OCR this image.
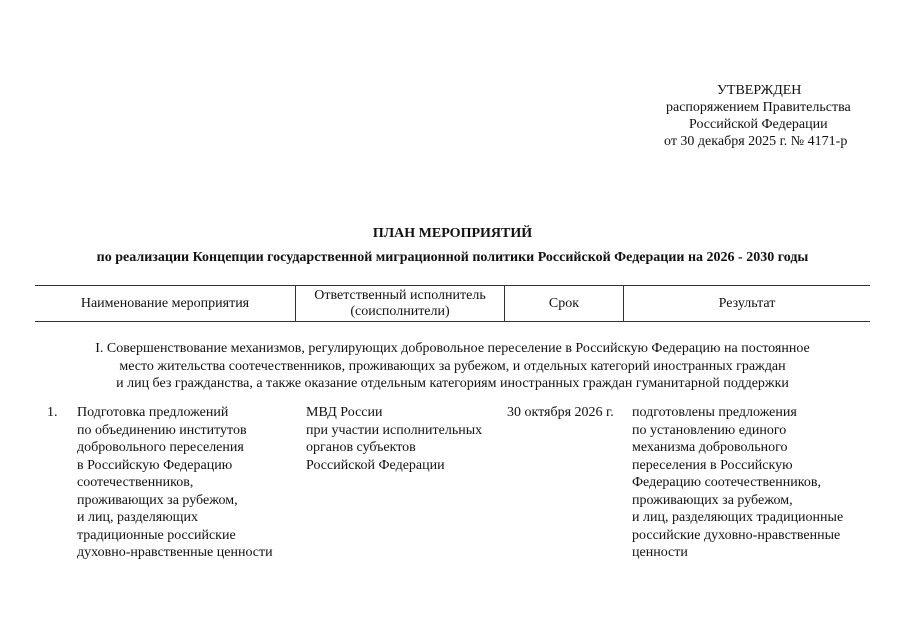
УТВЕРЖДЕН
распоряжением Правительства
Российской Федерации
от 30 декабря 2025 г. № 4171-р
ПЛАН МЕРОПРИЯТИЙ
по реализации Концепции государственной миграционной политики Российской Федерации на 2026 - 2030 годы
Наименование мероприятия
Ответственный исполнитель
(соисполнители)
Срок	Результат
I. Совершенствование механизмов, регулирующих добровольное переселение в Российскую Федерацию на постоянное
место жительства соотечественников, проживающих за рубежом, и отдельных категорий иностранных граждан
и лиц без гражданства, а также оказание отдельным категориям иностранных граждан гуманитарной поддержки
1. Подготовка предложений
по объединению институтов
добровольного переселения
в Российскую Федерацию
соотечественников,
проживающих за рубежом,
и лиц, разделяющих
традиционные российские
духовно-нравственные ценности
МВД России
при участии исполнительных
органов субъектов
Российской Федерации
30 октября 2026 г. подготовлены предложения
по установлению единого
механизма добровольного
переселения в Российскую
Федерацию соотечественников,
проживающих за рубежом,
и лиц, разделяющих традиционные
российские духовно-нравственные
ценности
